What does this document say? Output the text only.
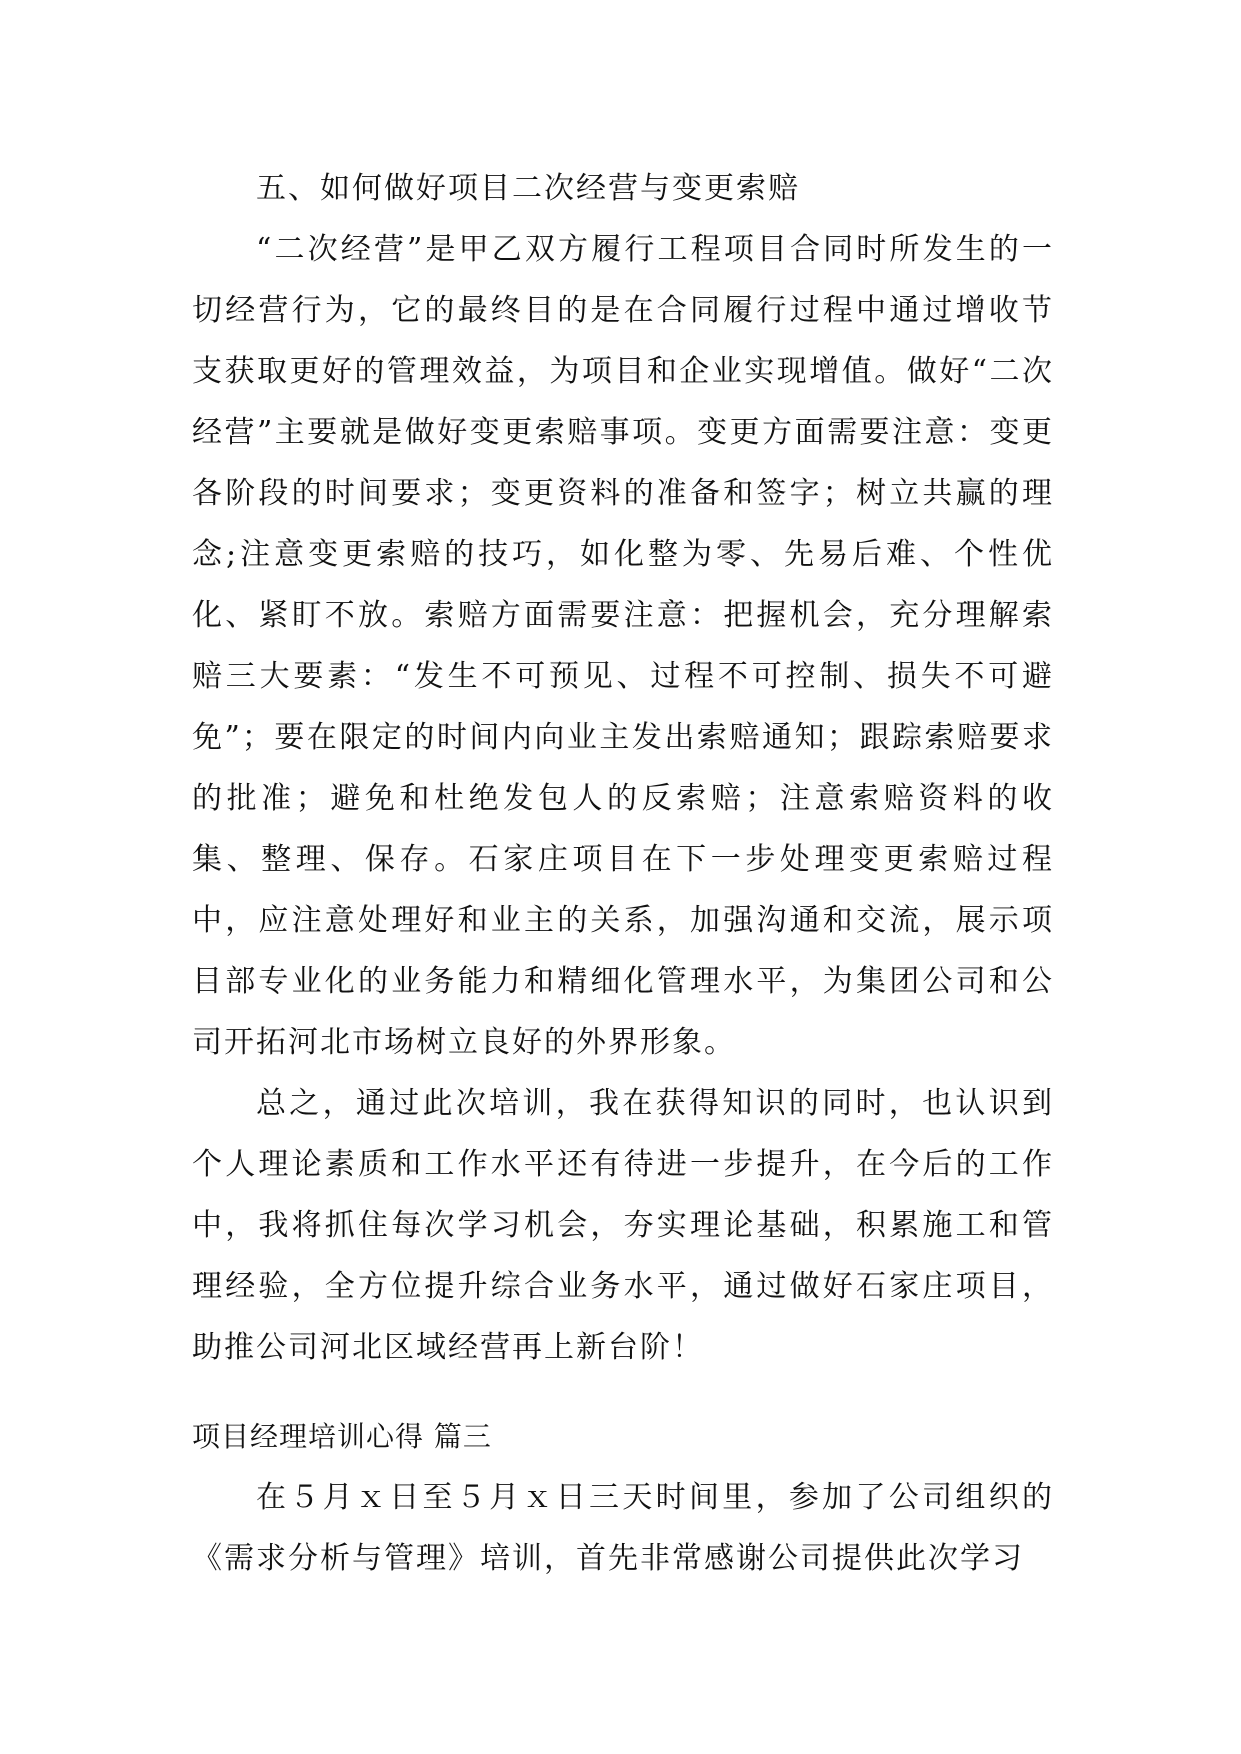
五、如何做好项目二次经营与变更索赔

“二次经营”是甲乙双方履行工程项目合同时所发生的一切经营行为，它的最终目的是在合同履行过程中通过增收节支获取更好的管理效益，为项目和企业实现增值。做好“二次经营”主要就是做好变更索赔事项。变更方面需要注意：变更各阶段的时间要求；变更资料的准备和签字；树立共赢的理念;注意变更索赔的技巧，如化整为零、先易后难、个性优化、紧盯不放。索赔方面需要注意：把握机会，充分理解索赔三大要素：“发生不可预见、过程不可控制、损失不可避免”；要在限定的时间内向业主发出索赔通知；跟踪索赔要求的批准；避免和杜绝发包人的反索赔；注意索赔资料的收集、整理、保存。石家庄项目在下一步处理变更索赔过程中，应注意处理好和业主的关系，加强沟通和交流，展示项目部专业化的业务能力和精细化管理水平，为集团公司和公司开拓河北市场树立良好的外界形象。

总之，通过此次培训，我在获得知识的同时，也认识到个人理论素质和工作水平还有待进一步提升，在今后的工作中，我将抓住每次学习机会，夯实理论基础，积累施工和管理经验，全方位提升综合业务水平，通过做好石家庄项目，助推公司河北区域经营再上新台阶！

项目经理培训心得 篇三

在５月ｘ日至５月ｘ日三天时间里，参加了公司组织的《需求分析与管理》培训，首先非常感谢公司提供此次学习
